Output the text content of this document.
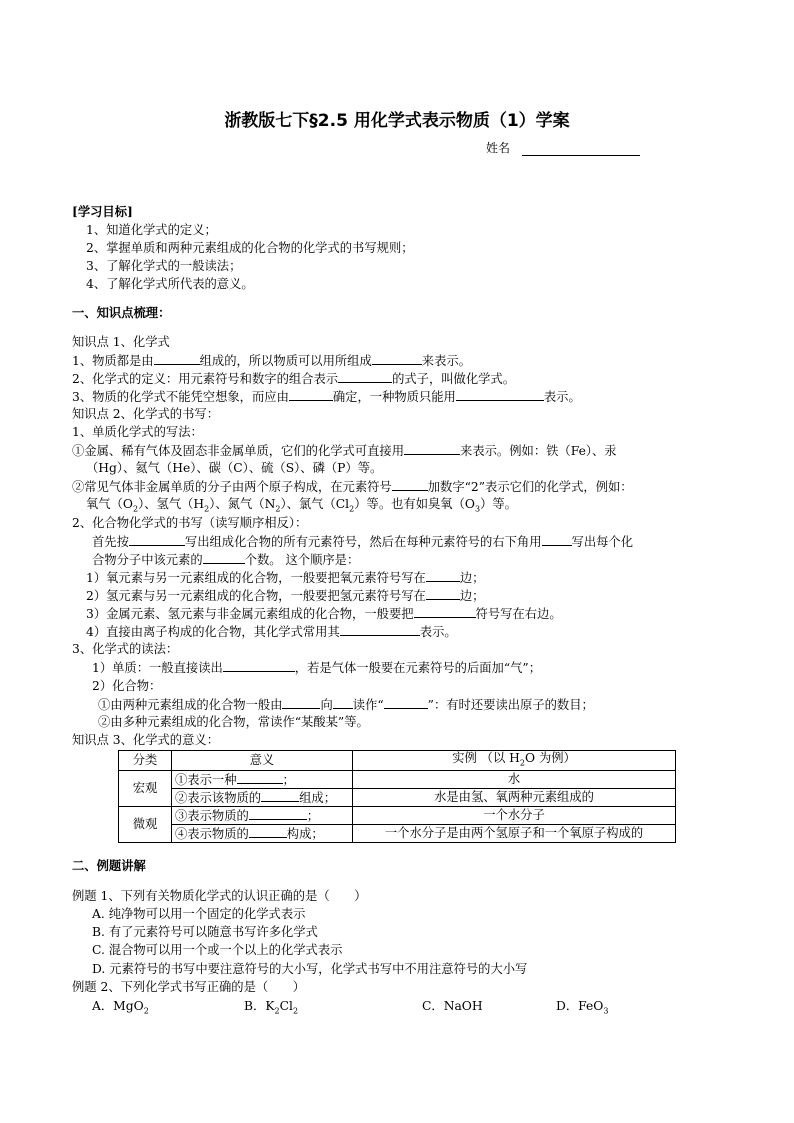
浙教版七下§2.5 用化学式表示物质（1）学案
姓名
[学习目标]
1、知道化学式的定义；
2、掌握单质和两种元素组成的化合物的化学式的书写规则；
3、了解化学式的一般读法；
4、了解化学式所代表的意义。
一、知识点梳理：
知识点 1、化学式
1、物质都是由	组成的，所以物质可以用所组成	来表示。
2、化学式的定义：用元素符号和数字的组合表示	的式子，叫做化学式。
3、物质的化学式不能凭空想象，而应由	确定，一种物质只能用	表示。
知识点 2、化学式的书写：
1、单质化学式的写法：
①金属、稀有气体及固态非金属单质，它们的化学式可直接用	来表示。例如：铁（Fe）、汞
（Hg）、氦气（He）、碳（C）、硫（S）、磷（P）等。
②常见气体非金属单质的分子由两个原子构成，在元素符号	加数字“2”表示它们的化学式，例如：
氧气$(O_2)$、氢气$(H_2)$、氮气$(N_2)$、氯气$(Cl_2)$等。也有如臭氧$(O_3)$等。
2、化合物化学式的书写（读写顺序相反）：
首先按	写出组成化合物的所有元素符号，然后在每种元素符号的右下角用 写出每个化
合物分子中该元素的	个数。 这个顺序是：
1）氧元素与另一元素组成的化合物，一般要把氧元素符号写在	边；
2）氢元素与另一元素组成的化合物，一般要把氢元素符号写在	边；
3）金属元素、氢元素与非金属元素组成的化合物，一般要把	符号写在右边。
4）直接由离子构成的化合物，其化学式常用其	表示。
3、化学式的读法：
1）单质：一般直接读出	，若是气体一般要在元素符号的后面加“气”；
2）化合物：
①由两种元素组成的化合物一般由	向 读作“	”：有时还要读出原子的数目；
②由多种元素组成的化合物，常读作“某酸某”等。
知识点 3、化学式的意义：
分类	意义	实例 （以 $H_2O$ 为例）
宏观	①表示一种 ；	水
	②表示该物质的 组成；	水是由氢、氧两种元素组成的
微观	③表示物质的 ；	一个水分子
	④表示物质的 构成；	一个水分子是由两个氢原子和一个氧原子构成的
二、例题讲解
例题 1、下列有关物质化学式的认识正确的是（　　）
A. 纯净物可以用一个固定的化学式表示
B. 有了元素符号可以随意书写许多化学式
C. 混合物可以用一个或一个以上的化学式表示
D. 元素符号的书写中要注意符号的大小写，化学式书写中不用注意符号的大小写
例题 2、下列化学式书写正确的是（　　）
A．MgO$_2$	B．$K_2Cl_2$	C．NaOH	D．FeO$_3$
